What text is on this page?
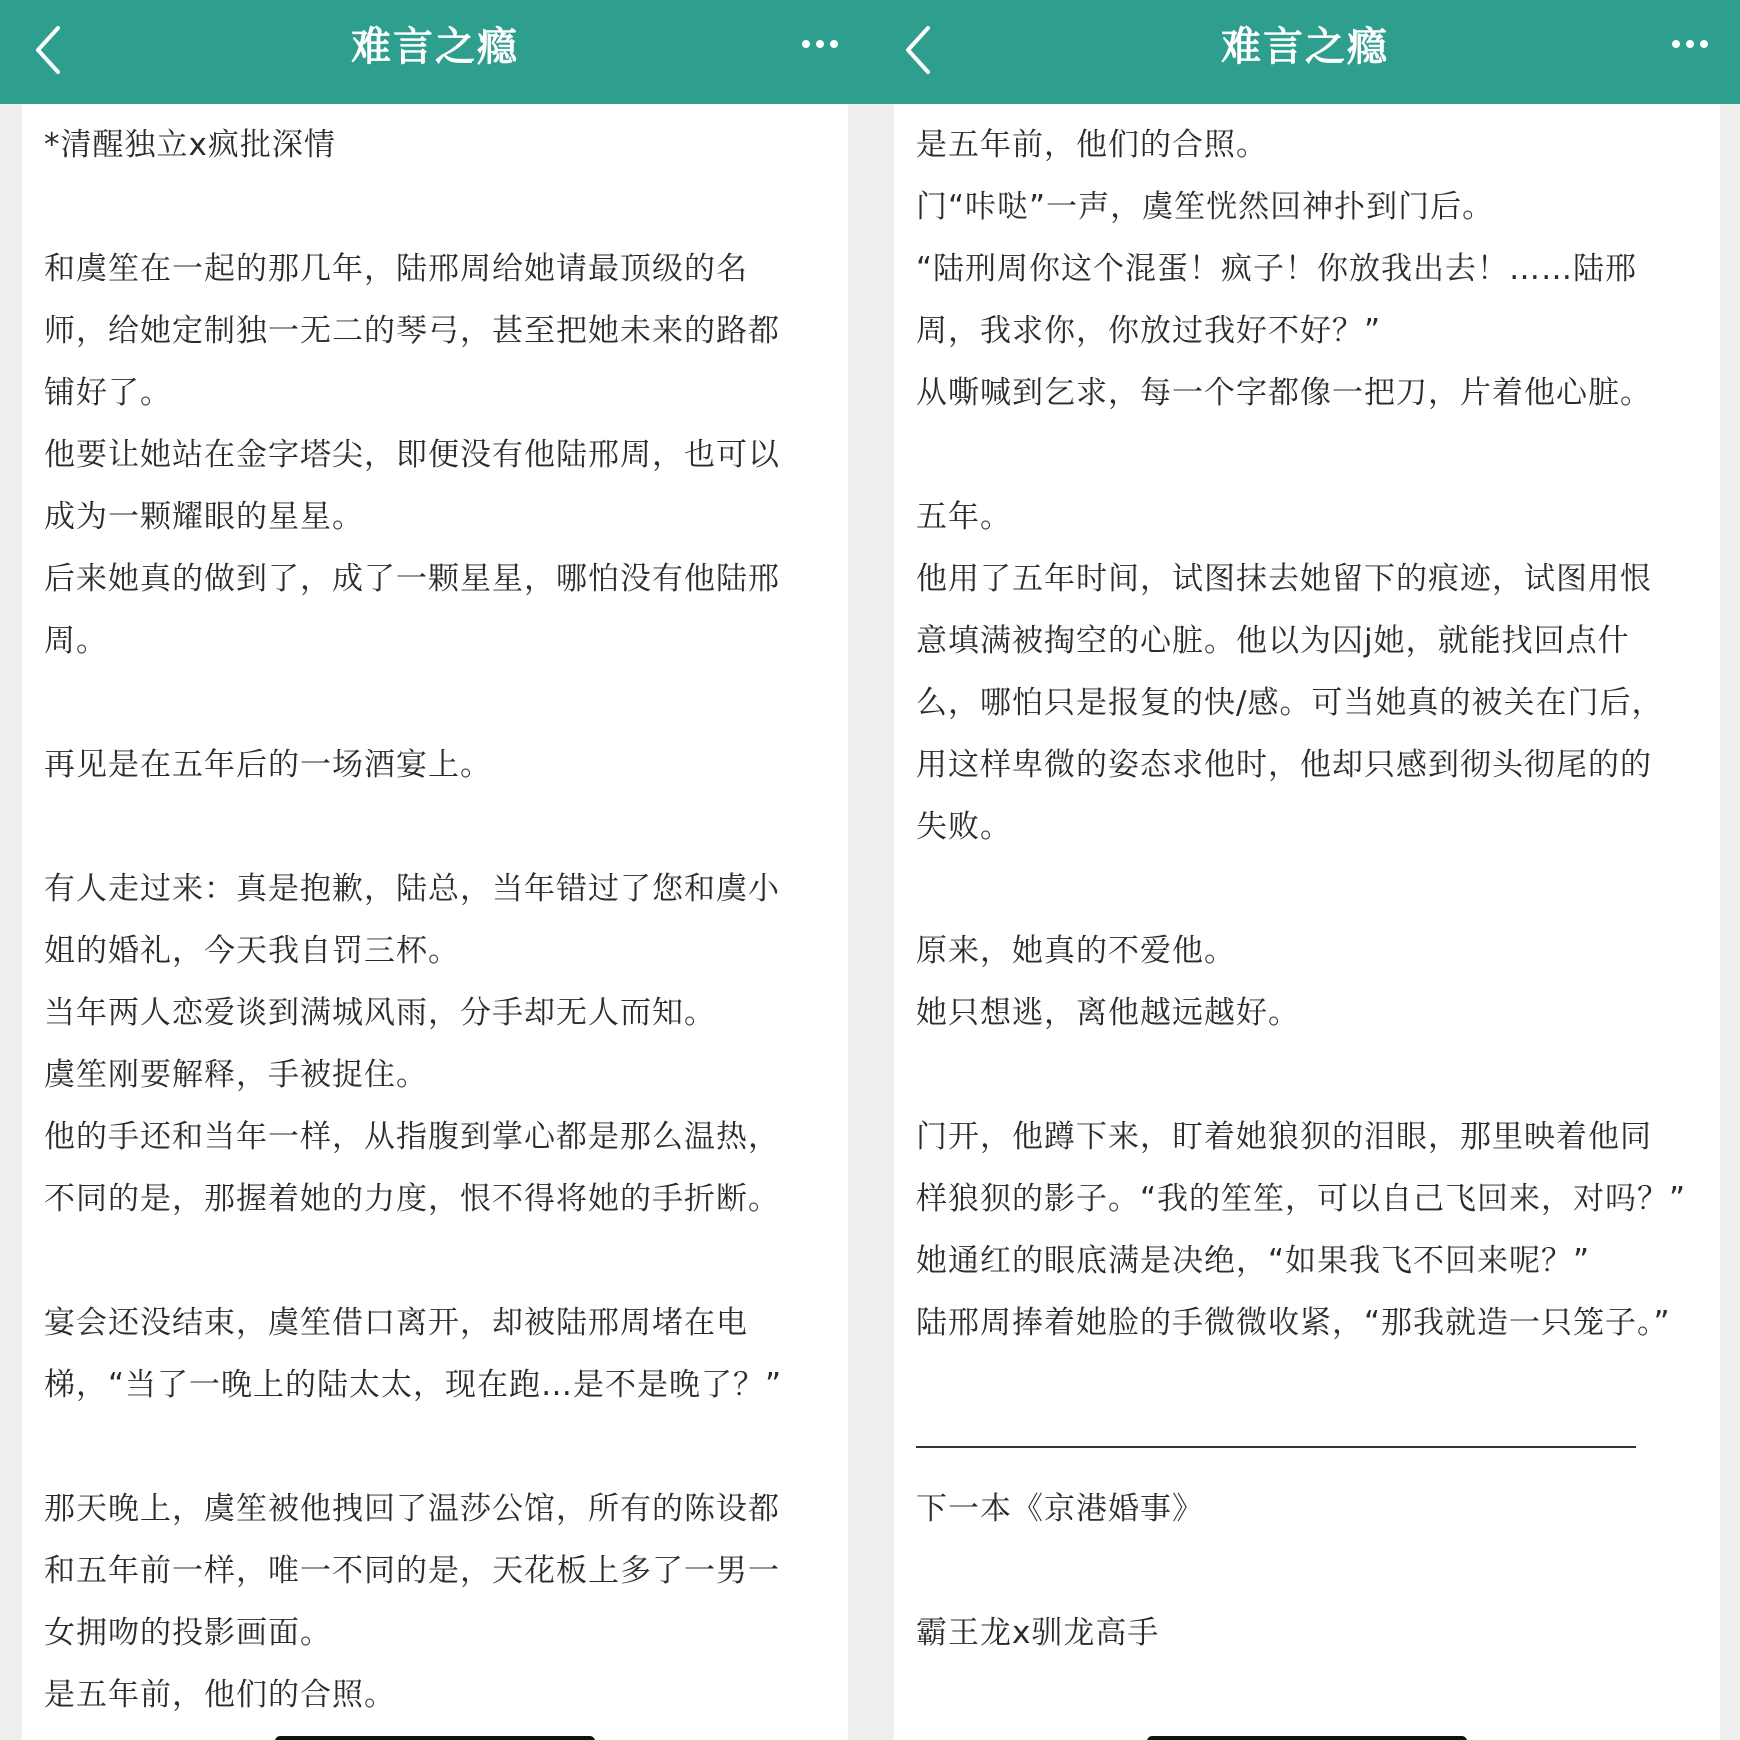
难言之瘾
*清醒独立x疯批深情
和虞笙在一起的那几年，陆邢周给她请最顶级的名
师，给她定制独一无二的琴弓，甚至把她未来的路都
铺好了。
他要让她站在金字塔尖，即便没有他陆邢周，也可以
成为一颗耀眼的星星。
后来她真的做到了，成了一颗星星，哪怕没有他陆邢
周。
再见是在五年后的一场酒宴上。
有人走过来：真是抱歉，陆总，当年错过了您和虞小
姐的婚礼，今天我自罚三杯。
当年两人恋爱谈到满城风雨，分手却无人而知。
虞笙刚要解释，手被捉住。
他的手还和当年一样，从指腹到掌心都是那么温热，
不同的是，那握着她的力度，恨不得将她的手折断。
宴会还没结束，虞笙借口离开，却被陆邢周堵在电
梯，“当了一晚上的陆太太，现在跑…是不是晚了？”
那天晚上，虞笙被他拽回了温莎公馆，所有的陈设都
和五年前一样，唯一不同的是，天花板上多了一男一
女拥吻的投影画面。
是五年前，他们的合照。
难言之瘾
是五年前，他们的合照。
门“咔哒”一声，虞笙恍然回神扑到门后。
“陆刑周你这个混蛋！疯子！你放我出去！……陆邢
周，我求你，你放过我好不好？”
从嘶喊到乞求，每一个字都像一把刀，片着他心脏。
五年。
他用了五年时间，试图抹去她留下的痕迹，试图用恨
意填满被掏空的心脏。他以为囚j她，就能找回点什
么，哪怕只是报复的快/感。可当她真的被关在门后，
用这样卑微的姿态求他时，他却只感到彻头彻尾的的
失败。
原来，她真的不爱他。
她只想逃，离他越远越好。
门开，他蹲下来，盯着她狼狈的泪眼，那里映着他同
样狼狈的影子。“我的笙笙，可以自己飞回来，对吗？”
她通红的眼底满是决绝，“如果我飞不回来呢？”
陆邢周捧着她脸的手微微收紧，“那我就造一只笼子。”
下一本《京港婚事》
霸王龙x驯龙高手
